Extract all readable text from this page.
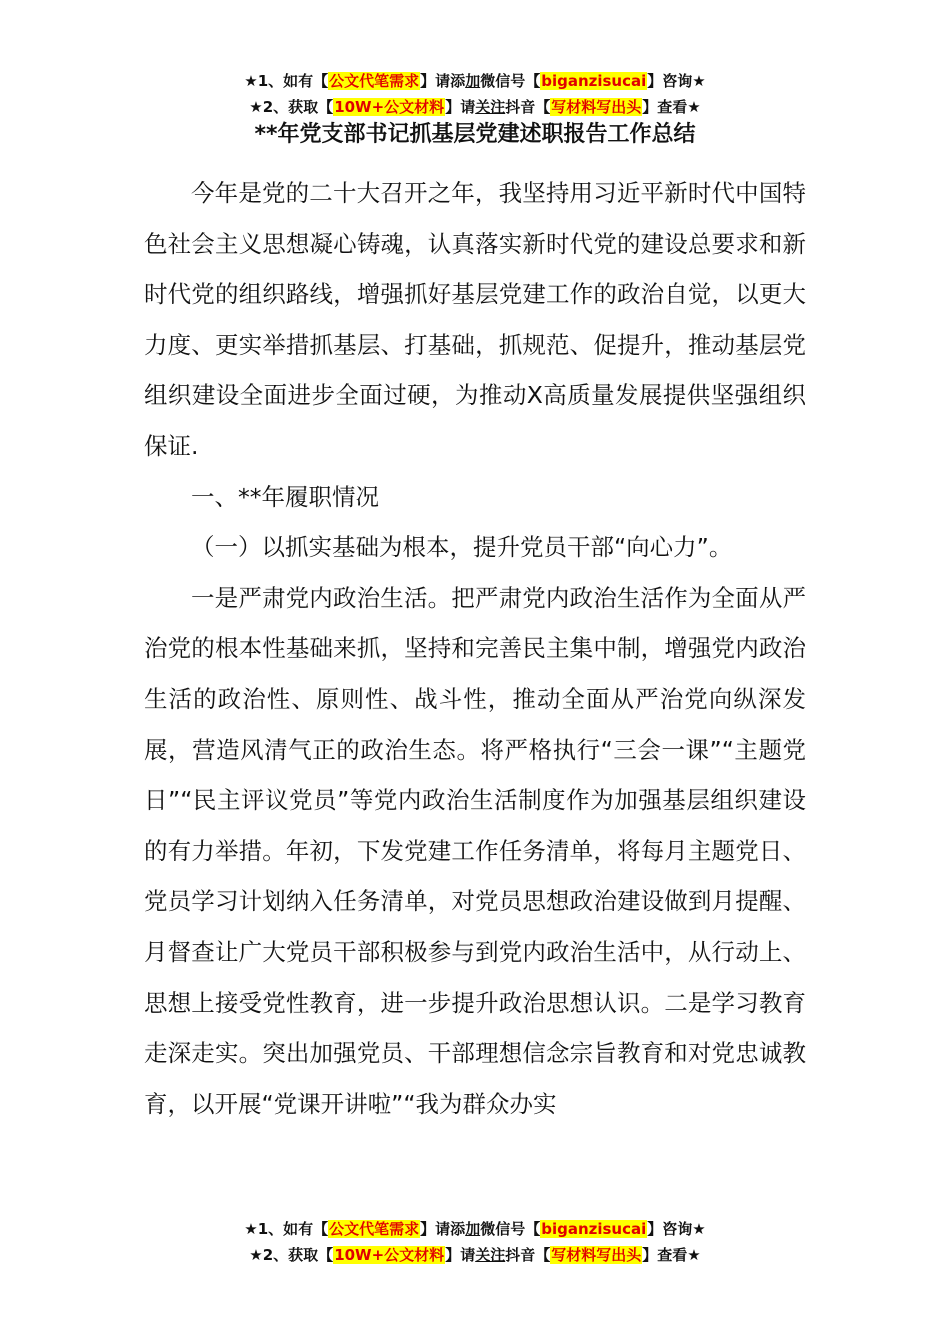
★1、如有【公文代笔需求】请添加微信号【biganzisucai】咨询★
★2、获取【10W+公文材料】请关注抖音【写材料写出头】查看★
**年党支部书记抓基层党建述职报告工作总结

今年是党的二十大召开之年，我坚持用习近平新时代中国特色社会主义思想凝心铸魂，认真落实新时代党的建设总要求和新时代党的组织路线，增强抓好基层党建工作的政治自觉，以更大力度、更实举措抓基层、打基础，抓规范、促提升，推动基层党组织建设全面进步全面过硬，为推动X高质量发展提供坚强组织保证.

一、**年履职情况

（一）以抓实基础为根本，提升党员干部“向心力”。

一是严肃党内政治生活。把严肃党内政治生活作为全面从严治党的根本性基础来抓，坚持和完善民主集中制，增强党内政治生活的政治性、原则性、战斗性，推动全面从严治党向纵深发展，营造风清气正的政治生态。将严格执行“三会一课”“主题党日”“民主评议党员”等党内政治生活制度作为加强基层组织建设的有力举措。年初，下发党建工作任务清单，将每月主题党日、党员学习计划纳入任务清单，对党员思想政治建设做到月提醒、月督查让广大党员干部积极参与到党内政治生活中，从行动上、思想上接受党性教育，进一步提升政治思想认识。二是学习教育走深走实。突出加强党员、干部理想信念宗旨教育和对党忠诚教育，以开展“党课开讲啦”“我为群众办实

★1、如有【公文代笔需求】请添加微信号【biganzisucai】咨询★
★2、获取【10W+公文材料】请关注抖音【写材料写出头】查看★
